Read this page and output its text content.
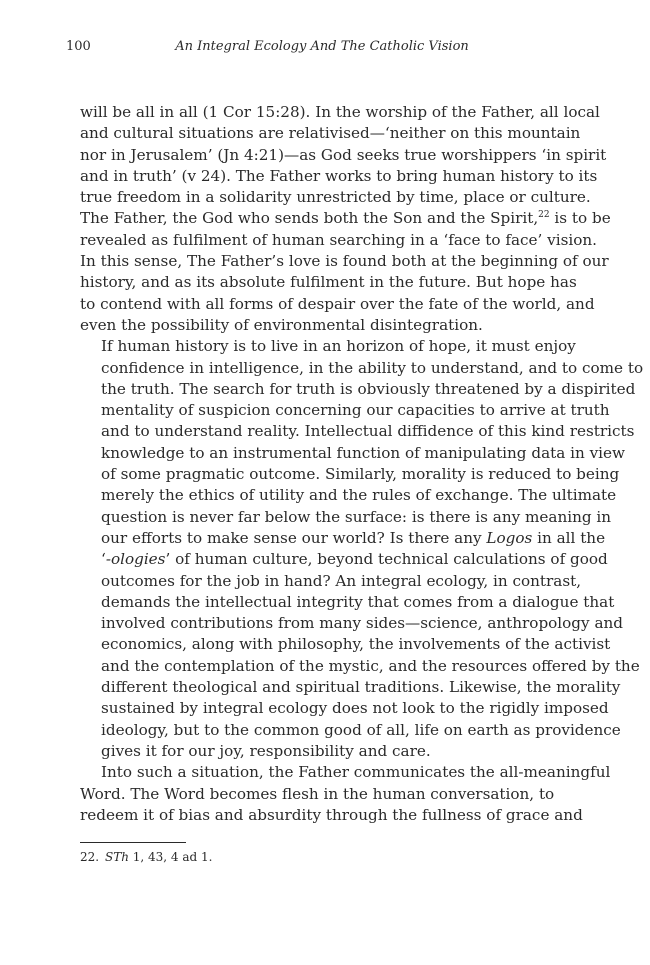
100	An Integral Ecology And The Catholic Vision

will be all in all (1 Cor 15:28). In the worship of the Father, all local
and cultural situations are relativised—‘neither on this mountain
nor in Jerusalem’ (Jn 4:21)—as God seeks true worshippers ‘in spirit
and in truth’ (v 24). The Father works to bring human history to its
true freedom in a solidarity unrestricted by time, place or culture.
The Father, the God who sends both the Son and the Spirit,$^{22}$ is to be
revealed as fulfilment of human searching in a ‘face to face’ vision.
In this sense, The Father’s love is found both at the beginning of our
history, and as its absolute fulfilment in the future. But hope has
to contend with all forms of despair over the fate of the world, and
even the possibility of environmental disintegration.

If human history is to live in an horizon of hope, it must enjoy
confidence in intelligence, in the ability to understand, and to come to
the truth. The search for truth is obviously threatened by a dispirited
mentality of suspicion concerning our capacities to arrive at truth
and to understand reality. Intellectual diffidence of this kind restricts
knowledge to an instrumental function of manipulating data in view
of some pragmatic outcome. Similarly, morality is reduced to being
merely the ethics of utility and the rules of exchange. The ultimate
question is never far below the surface: is there is any meaning in
our efforts to make sense our world? Is there any Logos in all the
‘-ologies’ of human culture, beyond technical calculations of good
outcomes for the job in hand? An integral ecology, in contrast,
demands the intellectual integrity that comes from a dialogue that
involved contributions from many sides—science, anthropology and
economics, along with philosophy, the involvements of the activist
and the contemplation of the mystic, and the resources offered by the
different theological and spiritual traditions. Likewise, the morality
sustained by integral ecology does not look to the rigidly imposed
ideology, but to the common good of all, life on earth as providence
gives it for our joy, responsibility and care.

Into such a situation, the Father communicates the all-meaningful
Word. The Word becomes flesh in the human conversation, to
redeem it of bias and absurdity through the fullness of grace and

22. STh 1, 43, 4 ad 1.
